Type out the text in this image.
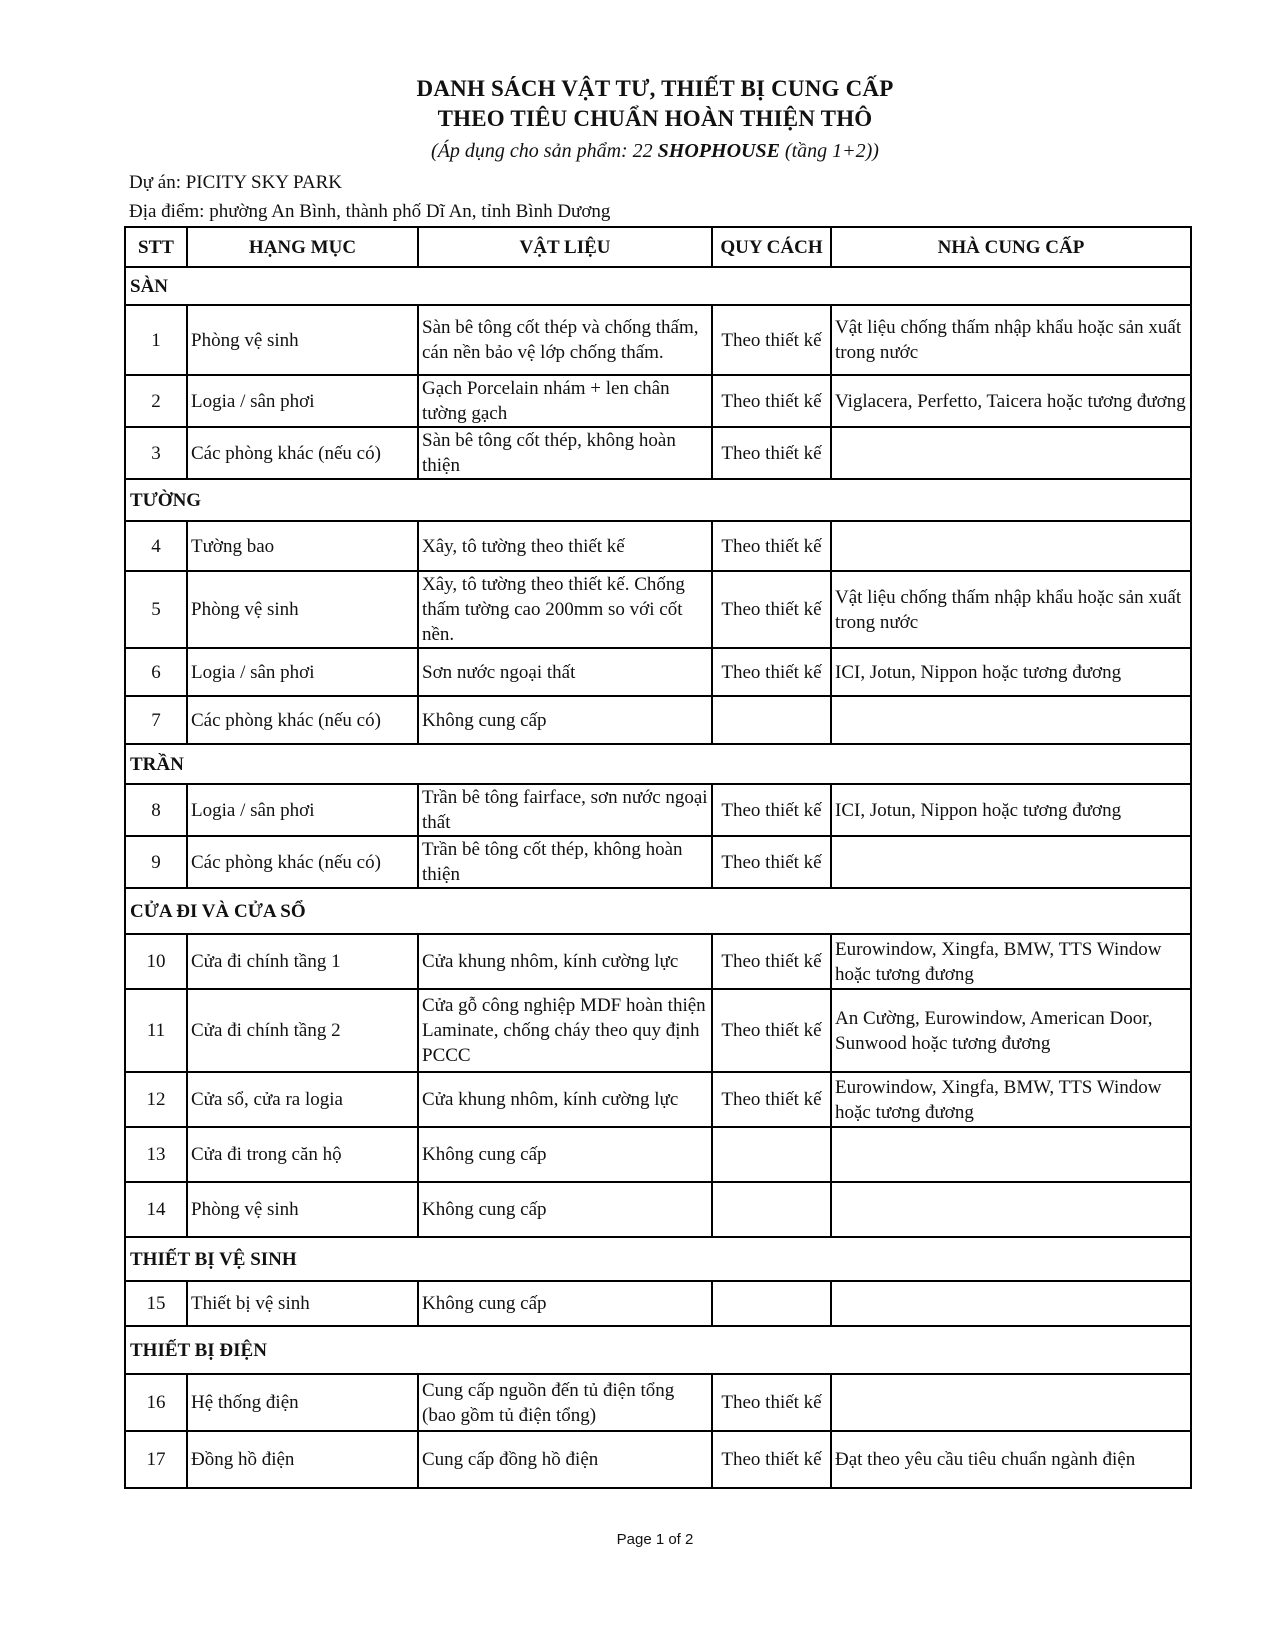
DANH SÁCH VẬT TƯ, THIẾT BỊ CUNG CẤP
THEO TIÊU CHUẨN HOÀN THIỆN THÔ
(Áp dụng cho sản phẩm: 22 SHOPHOUSE (tầng 1+2))
Dự án: PICITY SKY PARK
Địa điểm: phường An Bình, thành phố Dĩ An, tỉnh Bình Dương
STT	HẠNG MỤC	VẬT LIỆU	QUY CÁCH	NHÀ CUNG CẤP
SÀN				
1	Phòng vệ sinh	Sàn bê tông cốt thép và chống thấm, cán nền bảo vệ lớp chống thấm.	Theo thiết kế	Vật liệu chống thấm nhập khẩu hoặc sản xuất trong nước
2	Logia / sân phơi	Gạch Porcelain nhám + len chân tường gạch	Theo thiết kế	Viglacera, Perfetto, Taicera hoặc tương đương
3	Các phòng khác (nếu có)	Sàn bê tông cốt thép, không hoàn thiện	Theo thiết kế	
TƯỜNG				
4	Tường bao	Xây, tô tường theo thiết kế	Theo thiết kế	
5	Phòng vệ sinh	Xây, tô tường theo thiết kế. Chống thấm tường cao 200mm so với cốt nền.	Theo thiết kế	Vật liệu chống thấm nhập khẩu hoặc sản xuất trong nước
6	Logia / sân phơi	Sơn nước ngoại thất	Theo thiết kế	ICI, Jotun, Nippon hoặc tương đương
7	Các phòng khác (nếu có)	Không cung cấp		
TRẦN				
8	Logia / sân phơi	Trần bê tông fairface, sơn nước ngoại thất	Theo thiết kế	ICI, Jotun, Nippon hoặc tương đương
9	Các phòng khác (nếu có)	Trần bê tông cốt thép, không hoàn thiện	Theo thiết kế	
CỬA ĐI VÀ CỬA SỔ				
10	Cửa đi chính tầng 1	Cửa khung nhôm, kính cường lực	Theo thiết kế	Eurowindow, Xingfa, BMW, TTS Window hoặc tương đương
11	Cửa đi chính tầng 2	Cửa gỗ công nghiệp MDF hoàn thiện Laminate, chống cháy theo quy định PCCC	Theo thiết kế	An Cường, Eurowindow, American Door, Sunwood hoặc tương đương
12	Cửa sổ, cửa ra logia	Cửa khung nhôm, kính cường lực	Theo thiết kế	Eurowindow, Xingfa, BMW, TTS Window hoặc tương đương
13	Cửa đi trong căn hộ	Không cung cấp		
14	Phòng vệ sinh	Không cung cấp		
THIẾT BỊ VỆ SINH				
15	Thiết bị vệ sinh	Không cung cấp		
THIẾT BỊ ĐIỆN				
16	Hệ thống điện	Cung cấp nguồn đến tủ điện tổng (bao gồm tủ điện tổng)	Theo thiết kế	
17	Đồng hồ điện	Cung cấp đồng hồ điện	Theo thiết kế	Đạt theo yêu cầu tiêu chuẩn ngành điện
Page 1 of 2
